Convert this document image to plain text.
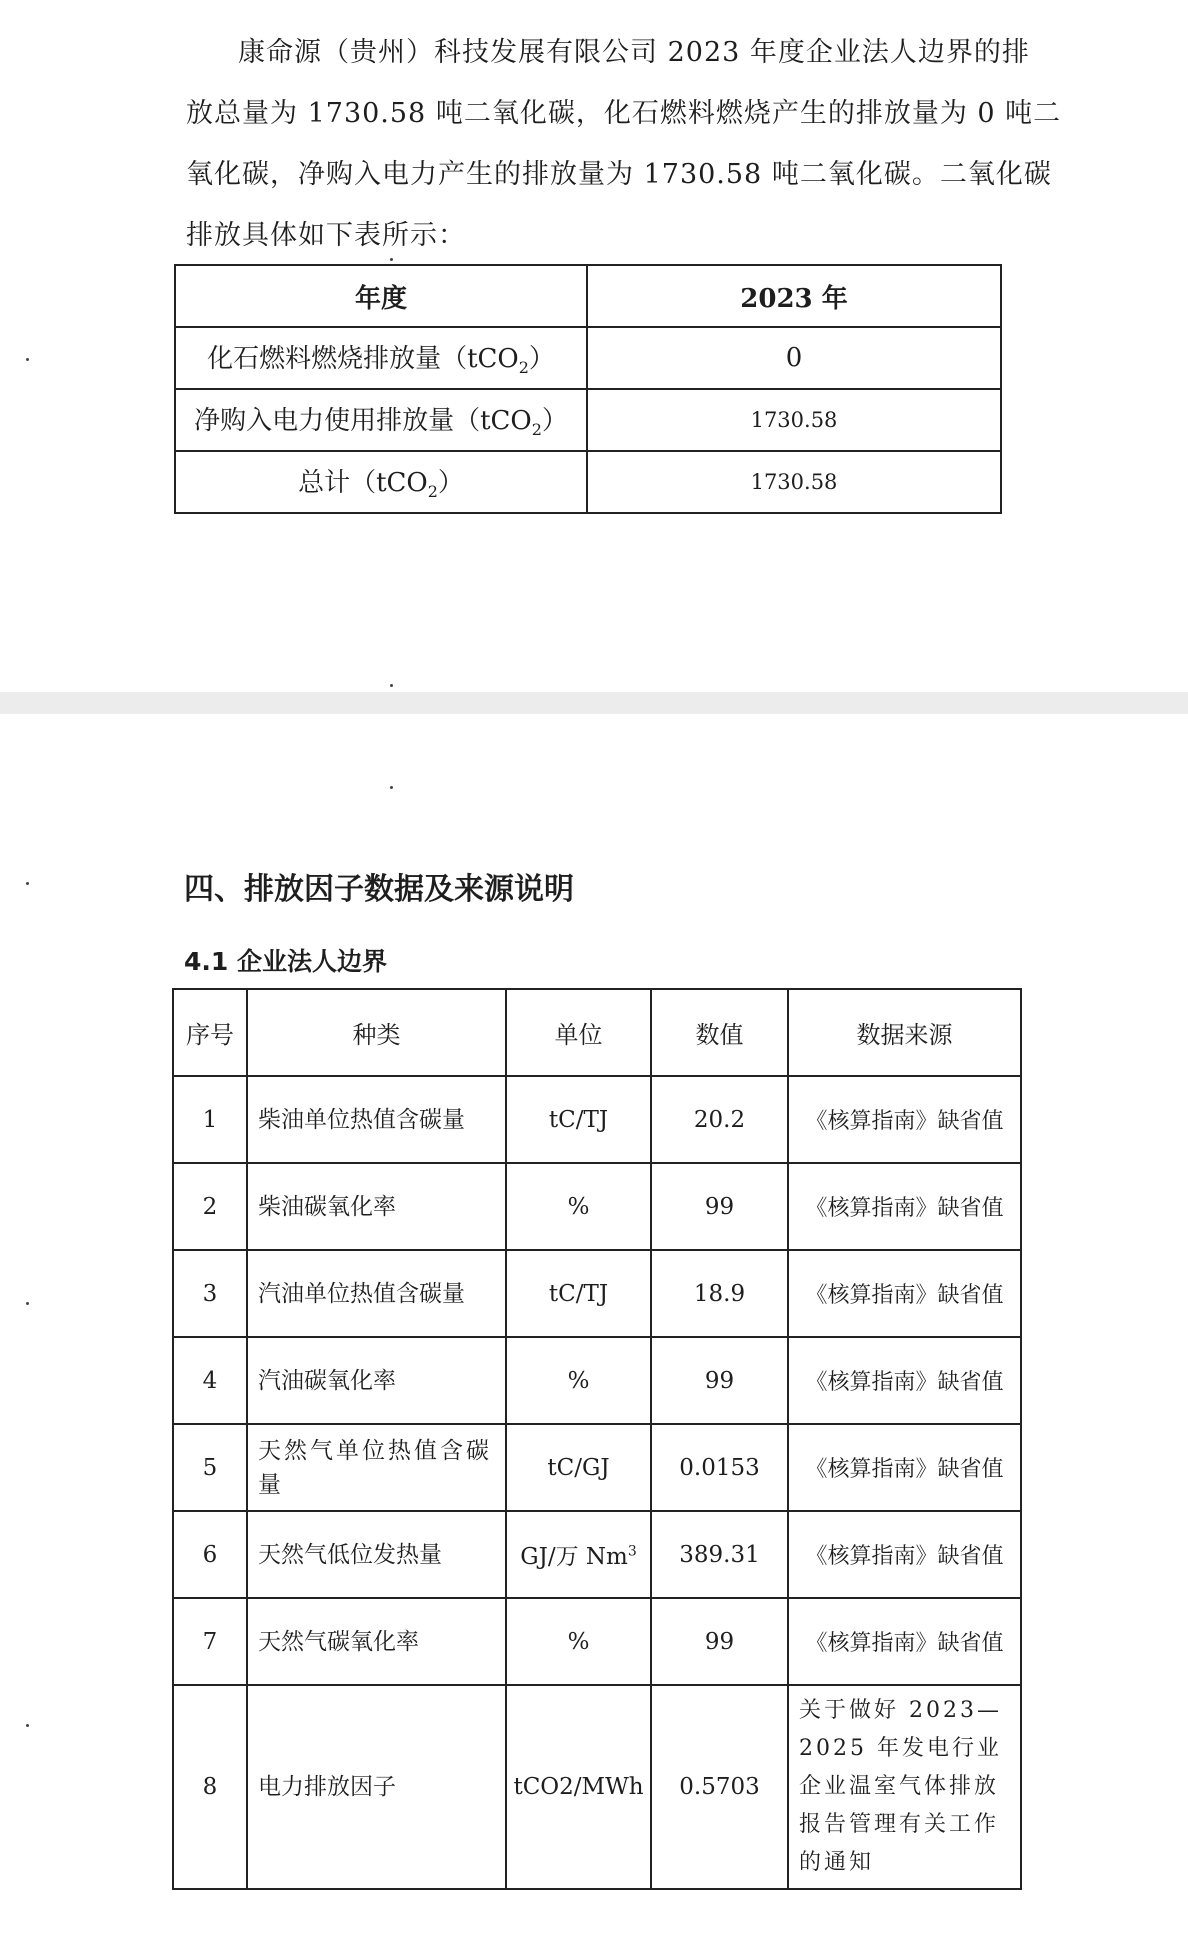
康命源（贵州）科技发展有限公司 2023 年度企业法人边界的排
放总量为 1730.58 吨二氧化碳，化石燃料燃烧产生的排放量为 0 吨二
氧化碳，净购入电力产生的排放量为 1730.58 吨二氧化碳。二氧化碳
排放具体如下表所示：
年度	2023 年
化石燃料燃烧排放量（tCO$_2$）	0
净购入电力使用排放量（tCO$_2$）	1730.58
总计（tCO$_2$）	1730.58
四、排放因子数据及来源说明
4.1 企业法人边界
序号	种类	单位	数值	数据来源
1	柴油单位热值含碳量	tC/TJ	20.2	《核算指南》缺省值
2	柴油碳氧化率	%	99	《核算指南》缺省值
3	汽油单位热值含碳量	tC/TJ	18.9	《核算指南》缺省值
4	汽油碳氧化率	%	99	《核算指南》缺省值
5	天然气单位热值含碳量	tC/GJ	0.0153	《核算指南》缺省值
6	天然气低位发热量	GJ/万 Nm$^3$	389.31	《核算指南》缺省值
7	天然气碳氧化率	%	99	《核算指南》缺省值
8	电力排放因子	tCO2/MWh	0.5703	关于做好 2023—2025 年发电行业企业温室气体排放报告管理有关工作的通知
